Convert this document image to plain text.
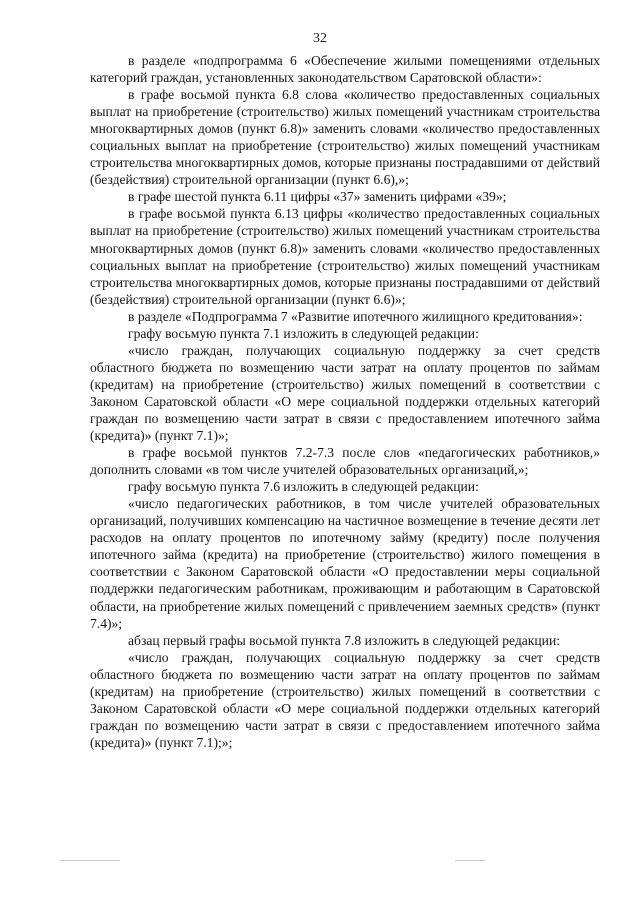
32

в разделе «подпрограмма 6 «Обеспечение жилыми помещениями отдельных категорий граждан, установленных законодательством Саратовской области»:

в графе восьмой пункта 6.8 слова «количество предоставленных социальных выплат на приобретение (строительство) жилых помещений участникам строительства многоквартирных домов (пункт 6.8)» заменить словами «количество предоставленных социальных выплат на приобретение (строительство) жилых помещений участникам строительства многоквартирных домов, которые признаны пострадавшими от действий (бездействия) строительной организации (пункт 6.6),»;

в графе шестой пункта 6.11 цифры «37» заменить цифрами «39»;

в графе восьмой пункта 6.13 цифры «количество предоставленных социальных выплат на приобретение (строительство) жилых помещений участникам строительства многоквартирных домов (пункт 6.8)» заменить словами «количество предоставленных социальных выплат на приобретение (строительство) жилых помещений участникам строительства многоквартирных домов, которые признаны пострадавшими от действий (бездействия) строительной организации (пункт 6.6)»;

в разделе «Подпрограмма 7 «Развитие ипотечного жилищного кредитования»:

графу восьмую пункта 7.1 изложить в следующей редакции:

«число граждан, получающих социальную поддержку за счет средств областного бюджета по возмещению части затрат на оплату процентов по займам (кредитам) на приобретение (строительство) жилых помещений в соответствии с Законом Саратовской области «О мере социальной поддержки отдельных категорий граждан по возмещению части затрат в связи с предоставлением ипотечного займа (кредита)» (пункт 7.1)»;

в графе восьмой пунктов 7.2-7.3 после слов «педагогических работников,» дополнить словами «в том числе учителей образовательных организаций,»;

графу восьмую пункта 7.6 изложить в следующей редакции:

«число педагогических работников, в том числе учителей образовательных организаций, получивших компенсацию на частичное возмещение в течение десяти лет расходов на оплату процентов по ипотечному займу (кредиту) после получения ипотечного займа (кредита) на приобретение (строительство) жилого помещения в соответствии с Законом Саратовской области «О предоставлении меры социальной поддержки педагогическим работникам, проживающим и работающим в Саратовской области, на приобретение жилых помещений с привлечением заемных средств» (пункт 7.4)»;

абзац первый графы восьмой пункта 7.8 изложить в следующей редакции:

«число граждан, получающих социальную поддержку за счет средств областного бюджета по возмещению части затрат на оплату процентов по займам (кредитам) на приобретение (строительство) жилых помещений в соответствии с Законом Саратовской области «О мере социальной поддержки отдельных категорий граждан по возмещению части затрат в связи с предоставлением ипотечного займа (кредита)» (пункт 7.1);»;
